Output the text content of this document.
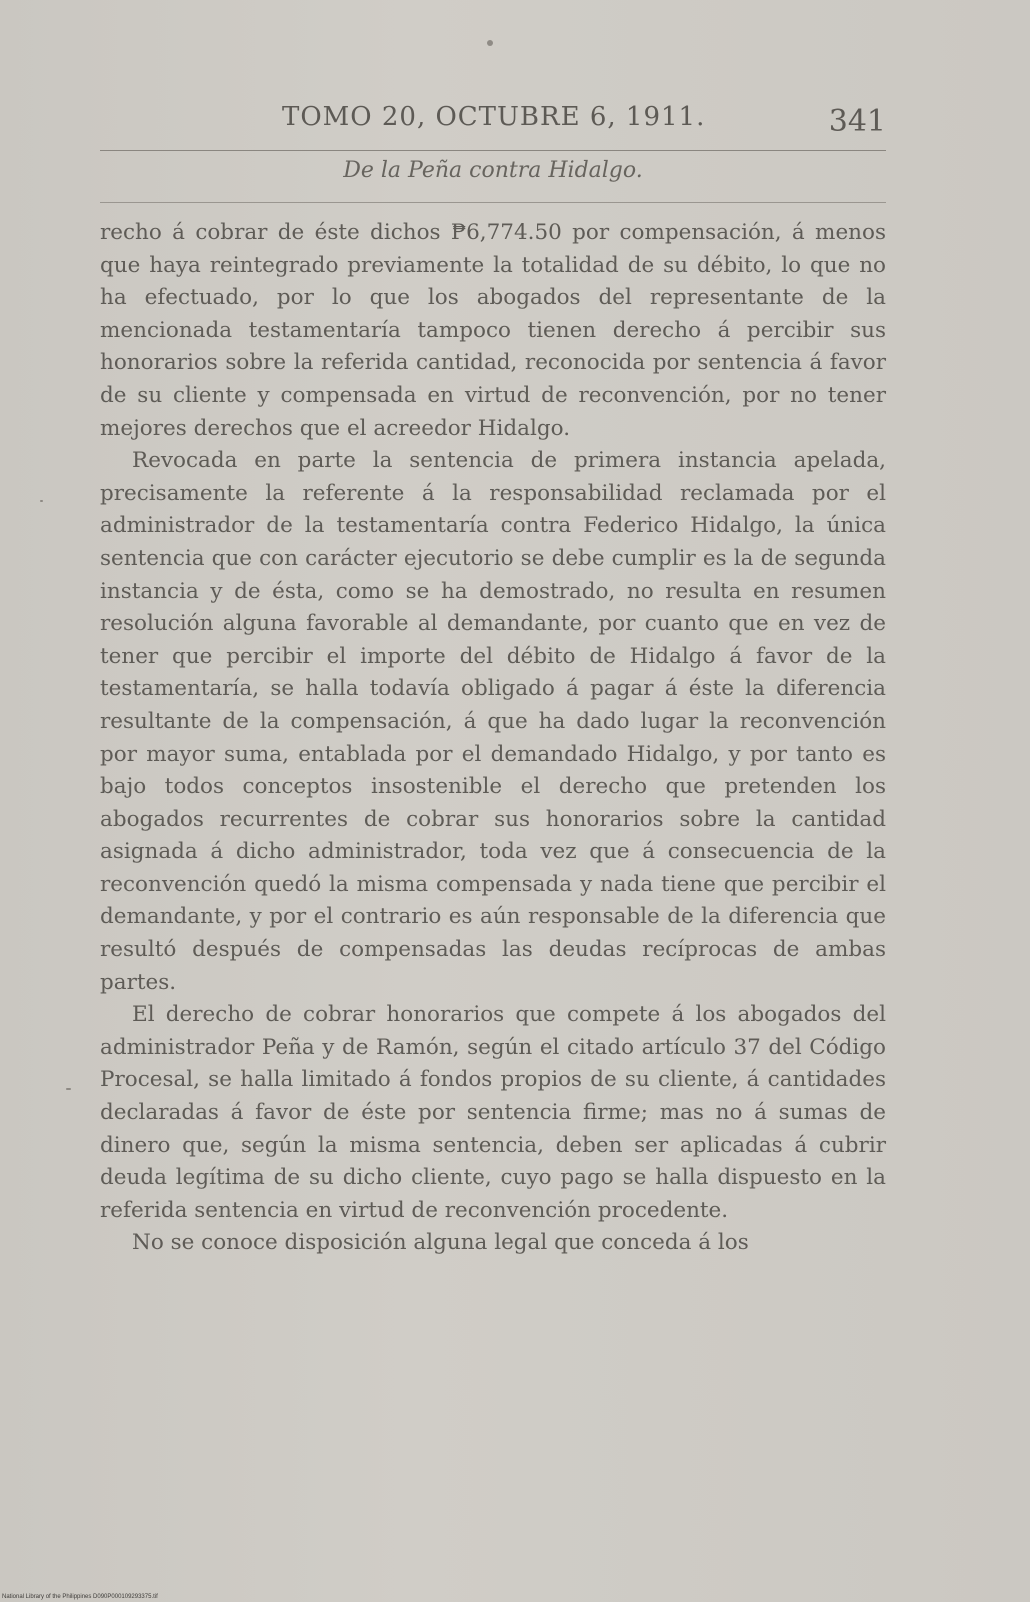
TOMO 20, OCTUBRE 6, 1911.	341
De la Peña contra Hidalgo.

recho á cobrar de éste dichos ₱6,774.50 por compensación, á menos que haya reintegrado previamente la totalidad de su débito, lo que no ha efectuado, por lo que los abogados del representante de la mencionada testamentaría tampoco tienen derecho á percibir sus honorarios sobre la referida cantidad, reconocida por sentencia á favor de su cliente y compensada en virtud de reconvención, por no tener mejores derechos que el acreedor Hidalgo.

Revocada en parte la sentencia de primera instancia apelada, precisamente la referente á la responsabilidad reclamada por el administrador de la testamentaría contra Federico Hidalgo, la única sentencia que con carácter ejecutorio se debe cumplir es la de segunda instancia y de ésta, como se ha demostrado, no resulta en resumen resolución alguna favorable al demandante, por cuanto que en vez de tener que percibir el importe del débito de Hidalgo á favor de la testamentaría, se halla todavía obligado á pagar á éste la diferencia resultante de la compensación, á que ha dado lugar la reconvención por mayor suma, entablada por el demandado Hidalgo, y por tanto es bajo todos conceptos insostenible el derecho que pretenden los abogados recurrentes de cobrar sus honorarios sobre la cantidad asignada á dicho administrador, toda vez que á consecuencia de la reconvención quedó la misma compensada y nada tiene que percibir el demandante, y por el contrario es aún responsable de la diferencia que resultó después de compensadas las deudas recíprocas de ambas partes.

El derecho de cobrar honorarios que compete á los abogados del administrador Peña y de Ramón, según el citado artículo 37 del Código Procesal, se halla limitado á fondos propios de su cliente, á cantidades declaradas á favor de éste por sentencia firme; mas no á sumas de dinero que, según la misma sentencia, deben ser aplicadas á cubrir deuda legítima de su dicho cliente, cuyo pago se halla dispuesto en la referida sentencia en virtud de reconvención procedente.

No se conoce disposición alguna legal que conceda á los

National Library of the Philippines D090P000109293375.tif
